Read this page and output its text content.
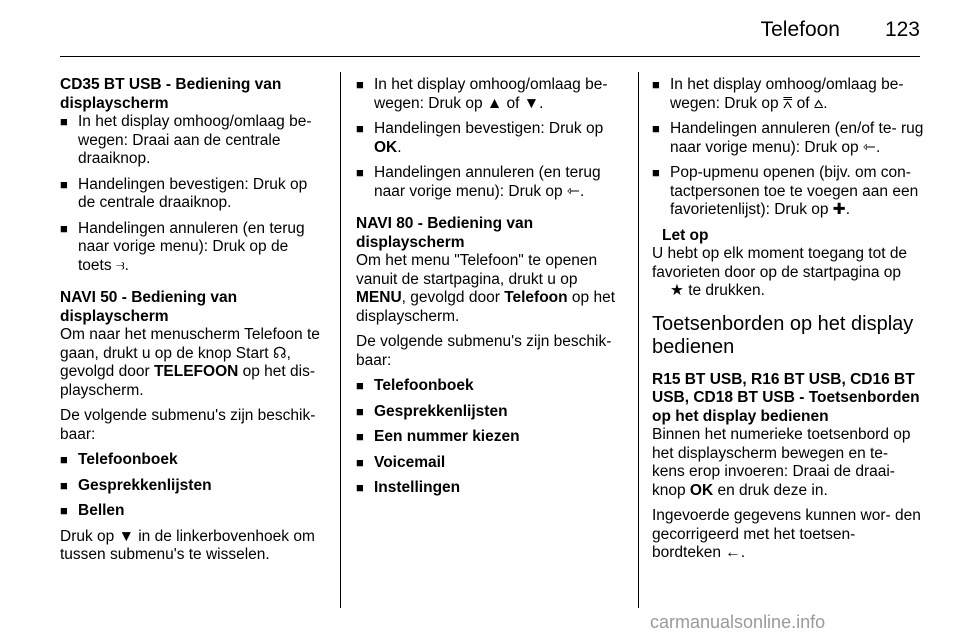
Telefoon 123

CD35 BT USB - Bediening van displayscherm

■ In het display omhoog/omlaag be- wegen: Draai aan de centrale draaiknop.
■ Handelingen bevestigen: Druk op de centrale draaiknop.
■ Handelingen annuleren (en terug naar vorige menu): Druk op de toets ⥽.

NAVI 50 - Bediening van displayscherm

Om naar het menuscherm Telefoon te gaan, drukt u op de knop Start ☊, gevolgd door TELEFOON op het dis- playscherm.

De volgende submenu's zijn beschik- baar:

■ Telefoonboek
■ Gesprekkenlijsten
■ Bellen

Druk op ▼ in de linkerbovenhoek om tussen submenu's te wisselen.

■ In het display omhoog/omlaag be- wegen: Druk op ▲ of ▼.
■ Handelingen bevestigen: Druk op
OK.
■ Handelingen annuleren (en terug naar vorige menu): Druk op ⇽.

NAVI 80 - Bediening van displayscherm

Om het menu "Telefoon" te openen vanuit de startpagina, drukt u op MENU, gevolgd door Telefoon op het displayscherm.

De volgende submenu's zijn beschik- baar:

■ Telefoonboek
■ Gesprekkenlijsten
■ Een nummer kiezen
■ Voicemail
■ Instellingen
■ In het display omhoog/omlaag be- wegen: Druk op ⩞ of ⩟.
■ Handelingen annuleren (en/of te- rug naar vorige menu): Druk op ⇽.
■ Pop-upmenu openen (bijv. om con- tactpersonen toe te voegen aan een favorietenlijst): Druk op ✚.
Let op
U hebt op elk moment toegang tot de favorieten door op de startpagina op
★ te drukken.

Toetsenborden op het display bedienen

R15 BT USB, R16 BT USB, CD16 BT USB, CD18 BT USB - Toetsenborden op het display bedienen

Binnen het numerieke toetsenbord op het displayscherm bewegen en te- kens erop invoeren: Draai de draai- knop OK en druk deze in.

Ingevoerde gegevens kunnen wor- den gecorrigeerd met het toetsen- bordteken ←.

carmanualsonline.info
